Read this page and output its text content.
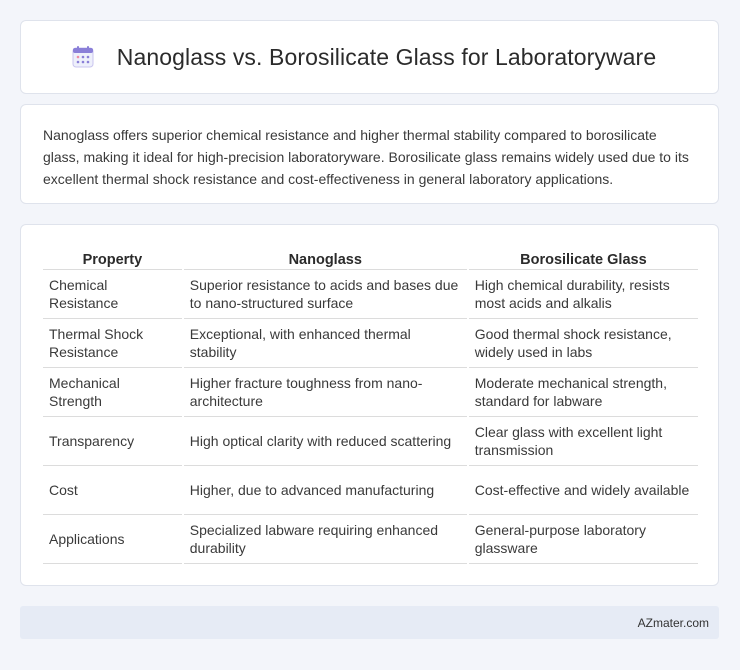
Nanoglass vs. Borosilicate Glass for Laboratoryware

Nanoglass offers superior chemical resistance and higher thermal stability compared to borosilicate glass, making it ideal for high-precision laboratoryware. Borosilicate glass remains widely used due to its excellent thermal shock resistance and cost-effectiveness in general laboratory applications.

Property	Nanoglass	Borosilicate Glass
Chemical Resistance	Superior resistance to acids and bases due to nano-structured surface	High chemical durability, resists most acids and alkalis
Thermal Shock Resistance	Exceptional, with enhanced thermal stability	Good thermal shock resistance, widely used in labs
Mechanical Strength	Higher fracture toughness from nano-architecture	Moderate mechanical strength, standard for labware
Transparency	High optical clarity with reduced scattering	Clear glass with excellent light transmission
Cost	Higher, due to advanced manufacturing	Cost-effective and widely available
Applications	Specialized labware requiring enhanced durability	General-purpose laboratory glassware
AZmater.com
